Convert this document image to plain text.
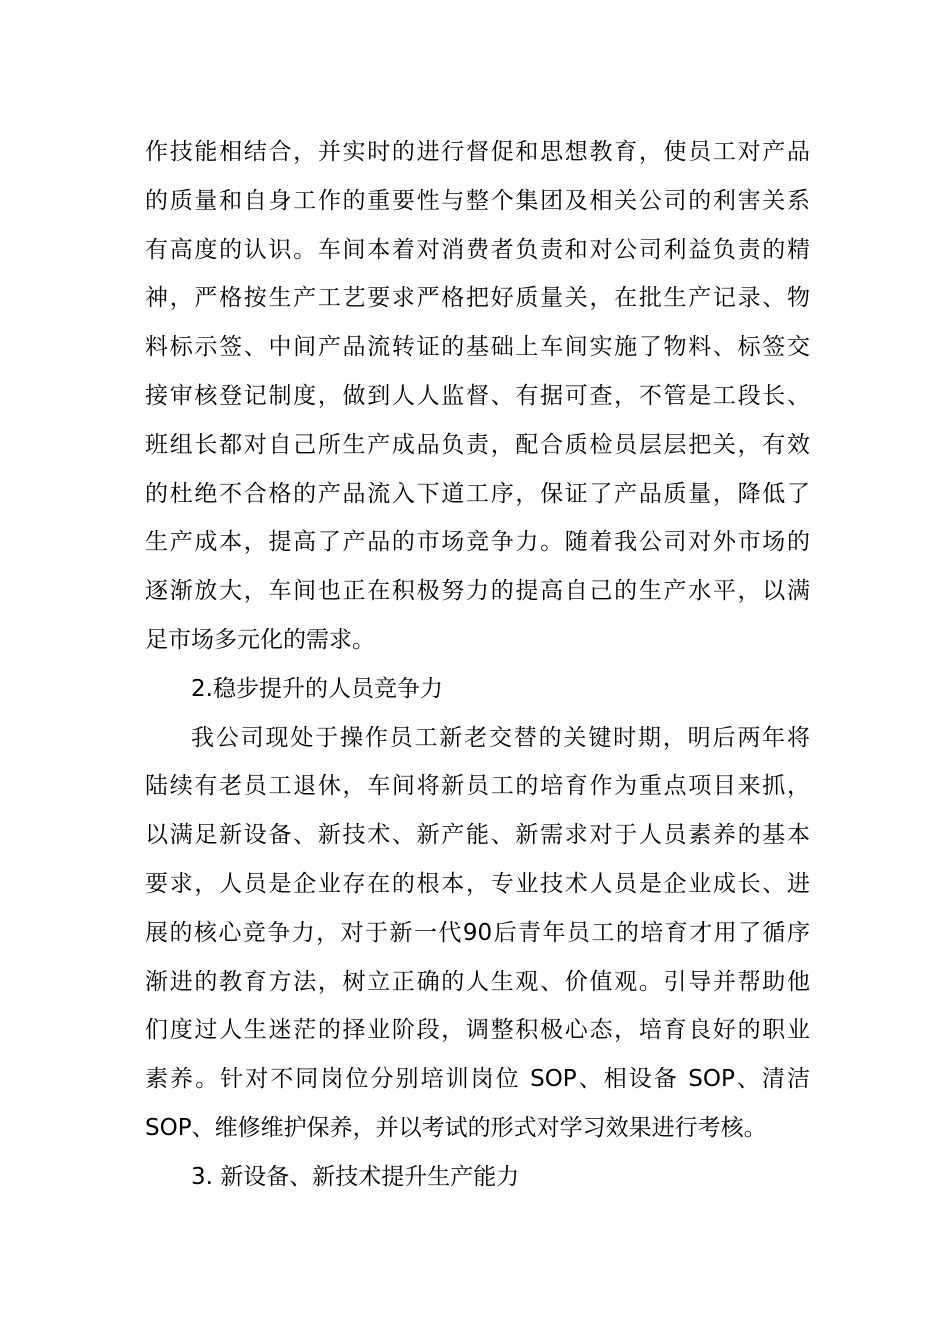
作技能相结合，并实时的进行督促和思想教育，使员工对产品
的质量和自身工作的重要性与整个集团及相关公司的利害关系
有高度的认识。车间本着对消费者负责和对公司利益负责的精
神，严格按生产工艺要求严格把好质量关，在批生产记录、物
料标示签、中间产品流转证的基础上车间实施了物料、标签交
接审核登记制度，做到人人监督、有据可查，不管是工段长、
班组长都对自己所生产成品负责，配合质检员层层把关，有效
的杜绝不合格的产品流入下道工序，保证了产品质量，降低了
生产成本，提高了产品的市场竞争力。随着我公司对外市场的
逐渐放大，车间也正在积极努力的提高自己的生产水平，以满
足市场多元化的需求。
2.稳步提升的人员竞争力
我公司现处于操作员工新老交替的关键时期，明后两年将
陆续有老员工退休，车间将新员工的培育作为重点项目来抓，
以满足新设备、新技术、新产能、新需求对于人员素养的基本
要求，人员是企业存在的根本，专业技术人员是企业成长、进
展的核心竞争力，对于新一代90后青年员工的培育才用了循序
渐进的教育方法，树立正确的人生观、价值观。引导并帮助他
们度过人生迷茫的择业阶段，调整积极心态，培育良好的职业
素养。针对不同岗位分别培训岗位 SOP、相设备 SOP、清洁
SOP、维修维护保养，并以考试的形式对学习效果进行考核。
3. 新设备、新技术提升生产能力
